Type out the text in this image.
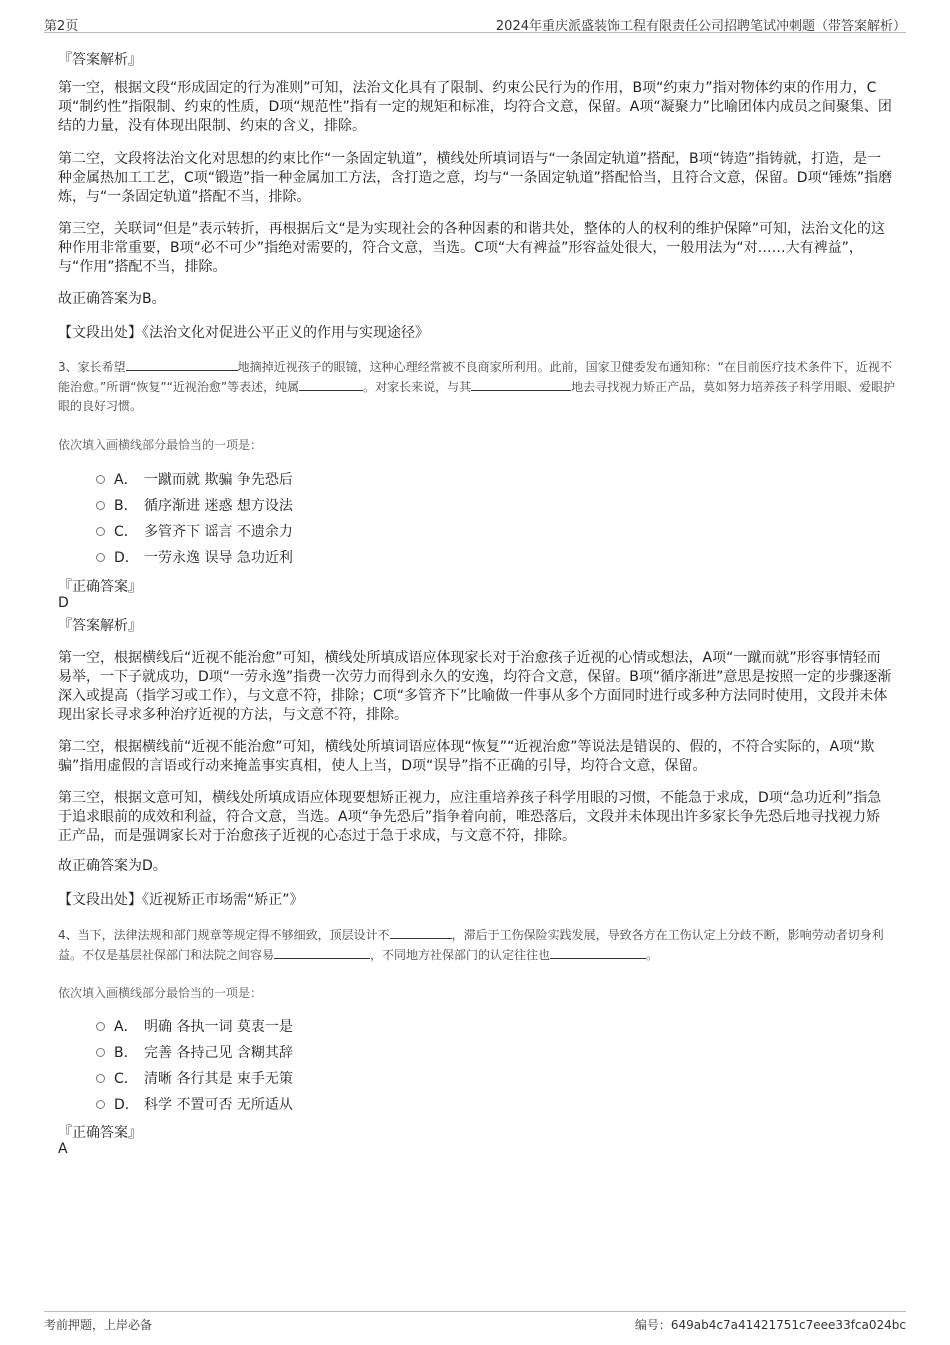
第2页	2024年重庆派盛装饰工程有限责任公司招聘笔试冲刺题（带答案解析）
『答案解析』

第一空，根据文段“形成固定的行为准则”可知，法治文化具有了限制、约束公民行为的作用，B项“约束力”指对物体约束的作用力，C项“制约性”指限制、约束的性质，D项“规范性”指有一定的规矩和标准，均符合文意，保留。A项“凝聚力”比喻团体内成员之间聚集、团结的力量，没有体现出限制、约束的含义，排除。

第二空，文段将法治文化对思想的约束比作“一条固定轨道”，横线处所填词语与“一条固定轨道”搭配，B项“铸造”指铸就，打造，是一种金属热加工工艺，C项“锻造”指一种金属加工方法，含打造之意，均与“一条固定轨道”搭配恰当，且符合文意，保留。D项“锤炼”指磨炼，与“一条固定轨道”搭配不当，排除。

第三空，关联词“但是”表示转折，再根据后文“是为实现社会的各种因素的和谐共处，整体的人的权利的维护保障”可知，法治文化的这种作用非常重要，B项“必不可少”指绝对需要的，符合文意，当选。C项“大有裨益”形容益处很大，一般用法为“对……大有裨益”，与“作用”搭配不当，排除。

故正确答案为B。

【文段出处】《法治文化对促进公平正义的作用与实现途径》

3、家长希望	地摘掉近视孩子的眼镜，这种心理经常被不良商家所利用。此前，国家卫健委发布通知称：“在目前医疗技术条件下，近视不能治愈。”所谓“恢复”“近视治愈”等表述，纯属	。对家长来说，与其	地去寻找视力矫正产品，莫如努力培养孩子科学用眼、爱眼护眼的良好习惯。

依次填入画横线部分最恰当的一项是：
A． 一蹴而就 欺骗 争先恐后
B． 循序渐进 迷惑 想方设法
C． 多管齐下 谣言 不遗余力
D． 一劳永逸 误导 急功近利
『正确答案』
D
『答案解析』

第一空，根据横线后“近视不能治愈”可知，横线处所填成语应体现家长对于治愈孩子近视的心情或想法，A项“一蹴而就”形容事情轻而易举，一下子就成功，D项“一劳永逸”指费一次劳力而得到永久的安逸，均符合文意，保留。B项“循序渐进”意思是按照一定的步骤逐渐深入或提高（指学习或工作），与文意不符，排除；C项“多管齐下”比喻做一件事从多个方面同时进行或多种方法同时使用，文段并未体现出家长寻求多种治疗近视的方法，与文意不符，排除。

第二空，根据横线前“近视不能治愈”可知，横线处所填词语应体现“恢复”“近视治愈”等说法是错误的、假的，不符合实际的，A项“欺骗”指用虚假的言语或行动来掩盖事实真相，使人上当，D项“误导”指不正确的引导，均符合文意，保留。

第三空，根据文意可知，横线处所填成语应体现要想矫正视力，应注重培养孩子科学用眼的习惯，不能急于求成，D项“急功近利”指急于追求眼前的成效和利益，符合文意，当选。A项“争先恐后”指争着向前，唯恐落后，文段并未体现出许多家长争先恐后地寻找视力矫正产品，而是强调家长对于治愈孩子近视的心态过于急于求成，与文意不符，排除。

故正确答案为D。

【文段出处】《近视矫正市场需“矫正”》

4、当下，法律法规和部门规章等规定得不够细致，顶层设计不	，滞后于工伤保险实践发展，导致各方在工伤认定上分歧不断，影响劳动者切身利益。不仅是基层社保部门和法院之间容易	，不同地方社保部门的认定往往也	。

依次填入画横线部分最恰当的一项是：
A． 明确 各执一词 莫衷一是
B． 完善 各持己见 含糊其辞
C． 清晰 各行其是 束手无策
D． 科学 不置可否 无所适从
『正确答案』
A
考前押题，上岸必备	编号：649ab4c7a41421751c7eee33fca024bc
